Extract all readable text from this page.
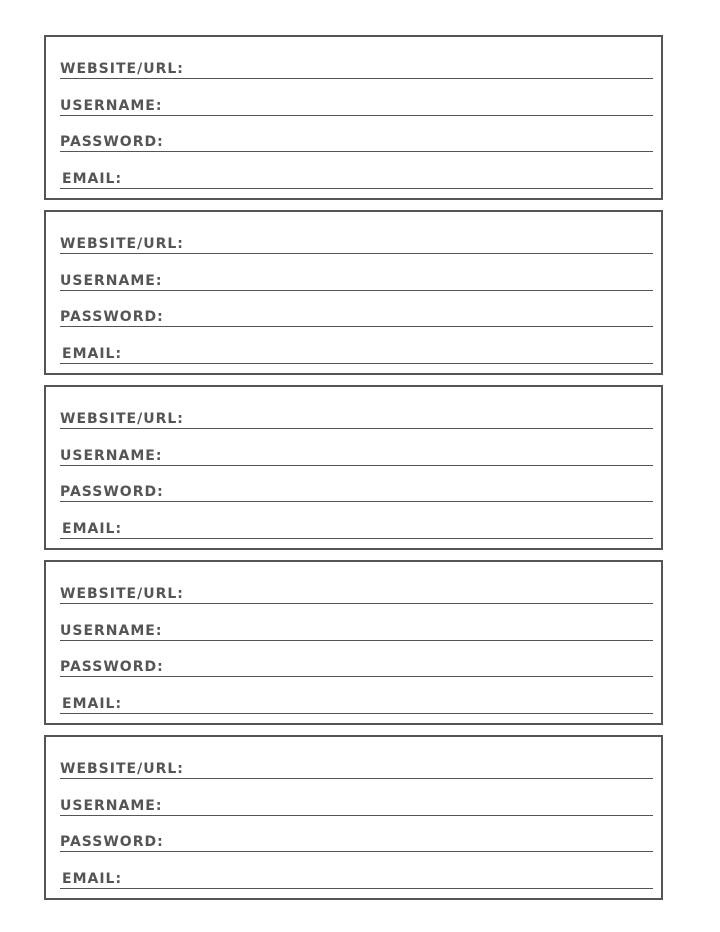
WEBSITE/URL:
USERNAME:
PASSWORD:
EMAIL:
WEBSITE/URL:
USERNAME:
PASSWORD:
EMAIL:
WEBSITE/URL:
USERNAME:
PASSWORD:
EMAIL:
WEBSITE/URL:
USERNAME:
PASSWORD:
EMAIL:
WEBSITE/URL:
USERNAME:
PASSWORD:
EMAIL:
